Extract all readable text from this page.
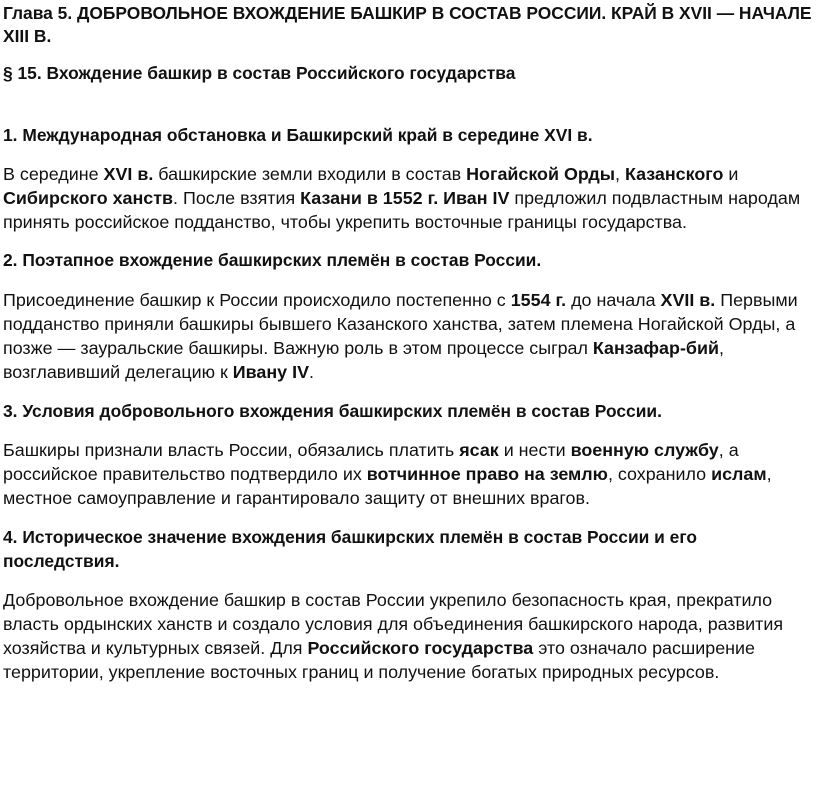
Глава 5. ДОБРОВОЛЬНОЕ ВХОЖДЕНИЕ БАШКИР В СОСТАВ РОССИИ. КРАЙ В XVII — НАЧАЛЕ XIII В.
§ 15. Вхождение башкир в состав Российского государства
1. Международная обстановка и Башкирский край в середине XVI в.

В середине XVI в. башкирские земли входили в состав Ногайской Орды, Казанского и Сибирского ханств. После взятия Казани в 1552 г. Иван IV предложил подвластным народам принять российское подданство, чтобы укрепить восточные границы государства.

2. Поэтапное вхождение башкирских племён в состав России.

Присоединение башкир к России происходило постепенно с 1554 г. до начала XVII в. Первыми подданство приняли башкиры бывшего Казанского ханства, затем племена Ногайской Орды, а позже — зауральские башкиры. Важную роль в этом процессе сыграл Канзафар-бий, возглавивший делегацию к Ивану IV.

3. Условия добровольного вхождения башкирских племён в состав России.

Башкиры признали власть России, обязались платить ясак и нести военную службу, а российское правительство подтвердило их вотчинное право на землю, сохранило ислам, местное самоуправление и гарантировало защиту от внешних врагов.

4. Историческое значение вхождения башкирских племён в состав России и его последствия.

Добровольное вхождение башкир в состав России укрепило безопасность края, прекратило власть ордынских ханств и создало условия для объединения башкирского народа, развития хозяйства и культурных связей. Для Российского государства это означало расширение территории, укрепление восточных границ и получение богатых природных ресурсов.
